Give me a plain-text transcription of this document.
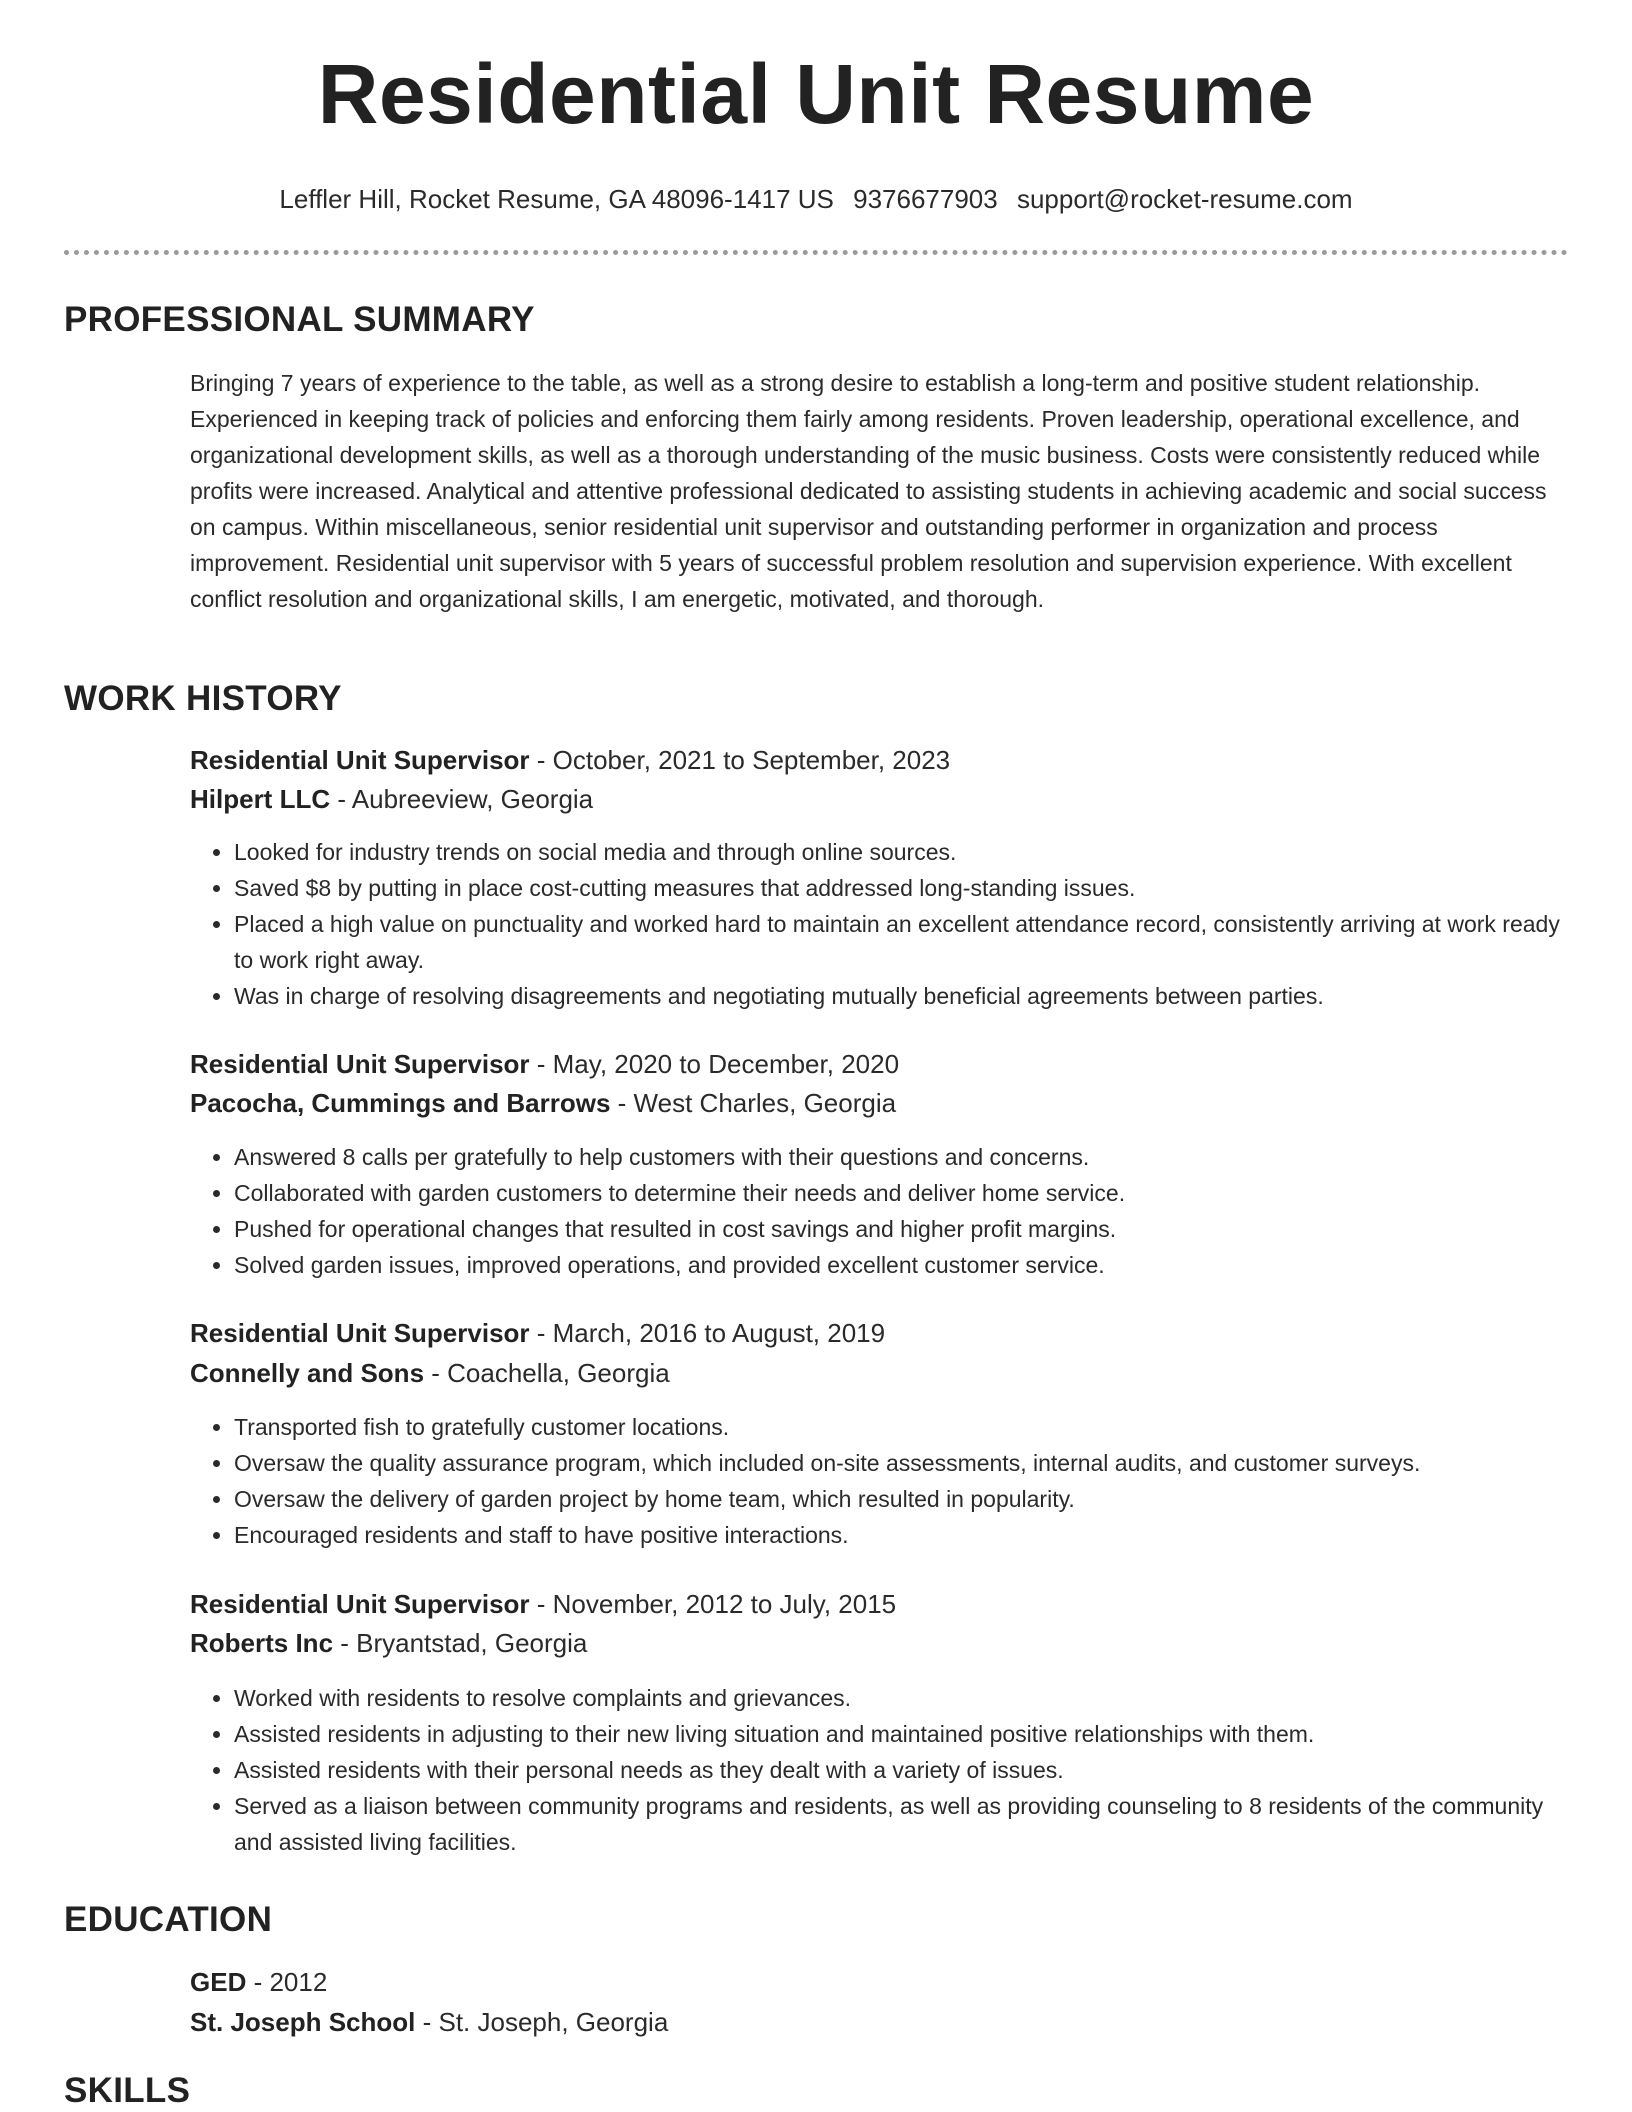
Residential Unit Resume
Leffler Hill, Rocket Resume, GA 48096-1417 US 9376677903 support@rocket-resume.com
PROFESSIONAL SUMMARY
Bringing 7 years of experience to the table, as well as a strong desire to establish a long-term and positive student relationship. Experienced in keeping track of policies and enforcing them fairly among residents. Proven leadership, operational excellence, and organizational development skills, as well as a thorough understanding of the music business. Costs were consistently reduced while profits were increased. Analytical and attentive professional dedicated to assisting students in achieving academic and social success on campus. Within miscellaneous, senior residential unit supervisor and outstanding performer in organization and process improvement. Residential unit supervisor with 5 years of successful problem resolution and supervision experience. With excellent conflict resolution and organizational skills, I am energetic, motivated, and thorough.
WORK HISTORY
Residential Unit Supervisor - October, 2021 to September, 2023
Hilpert LLC - Aubreeview, Georgia
• Looked for industry trends on social media and through online sources.
• Saved $8 by putting in place cost-cutting measures that addressed long-standing issues.
• Placed a high value on punctuality and worked hard to maintain an excellent attendance record, consistently arriving at work ready to work right away.
• Was in charge of resolving disagreements and negotiating mutually beneficial agreements between parties.
Residential Unit Supervisor - May, 2020 to December, 2020
Pacocha, Cummings and Barrows - West Charles, Georgia
• Answered 8 calls per gratefully to help customers with their questions and concerns.
• Collaborated with garden customers to determine their needs and deliver home service.
• Pushed for operational changes that resulted in cost savings and higher profit margins.
• Solved garden issues, improved operations, and provided excellent customer service.
Residential Unit Supervisor - March, 2016 to August, 2019
Connelly and Sons - Coachella, Georgia
• Transported fish to gratefully customer locations.
• Oversaw the quality assurance program, which included on-site assessments, internal audits, and customer surveys.
• Oversaw the delivery of garden project by home team, which resulted in popularity.
• Encouraged residents and staff to have positive interactions.
Residential Unit Supervisor - November, 2012 to July, 2015
Roberts Inc - Bryantstad, Georgia
• Worked with residents to resolve complaints and grievances.
• Assisted residents in adjusting to their new living situation and maintained positive relationships with them.
• Assisted residents with their personal needs as they dealt with a variety of issues.
• Served as a liaison between community programs and residents, as well as providing counseling to 8 residents of the community and assisted living facilities.
EDUCATION
GED - 2012
St. Joseph School - St. Joseph, Georgia
SKILLS
